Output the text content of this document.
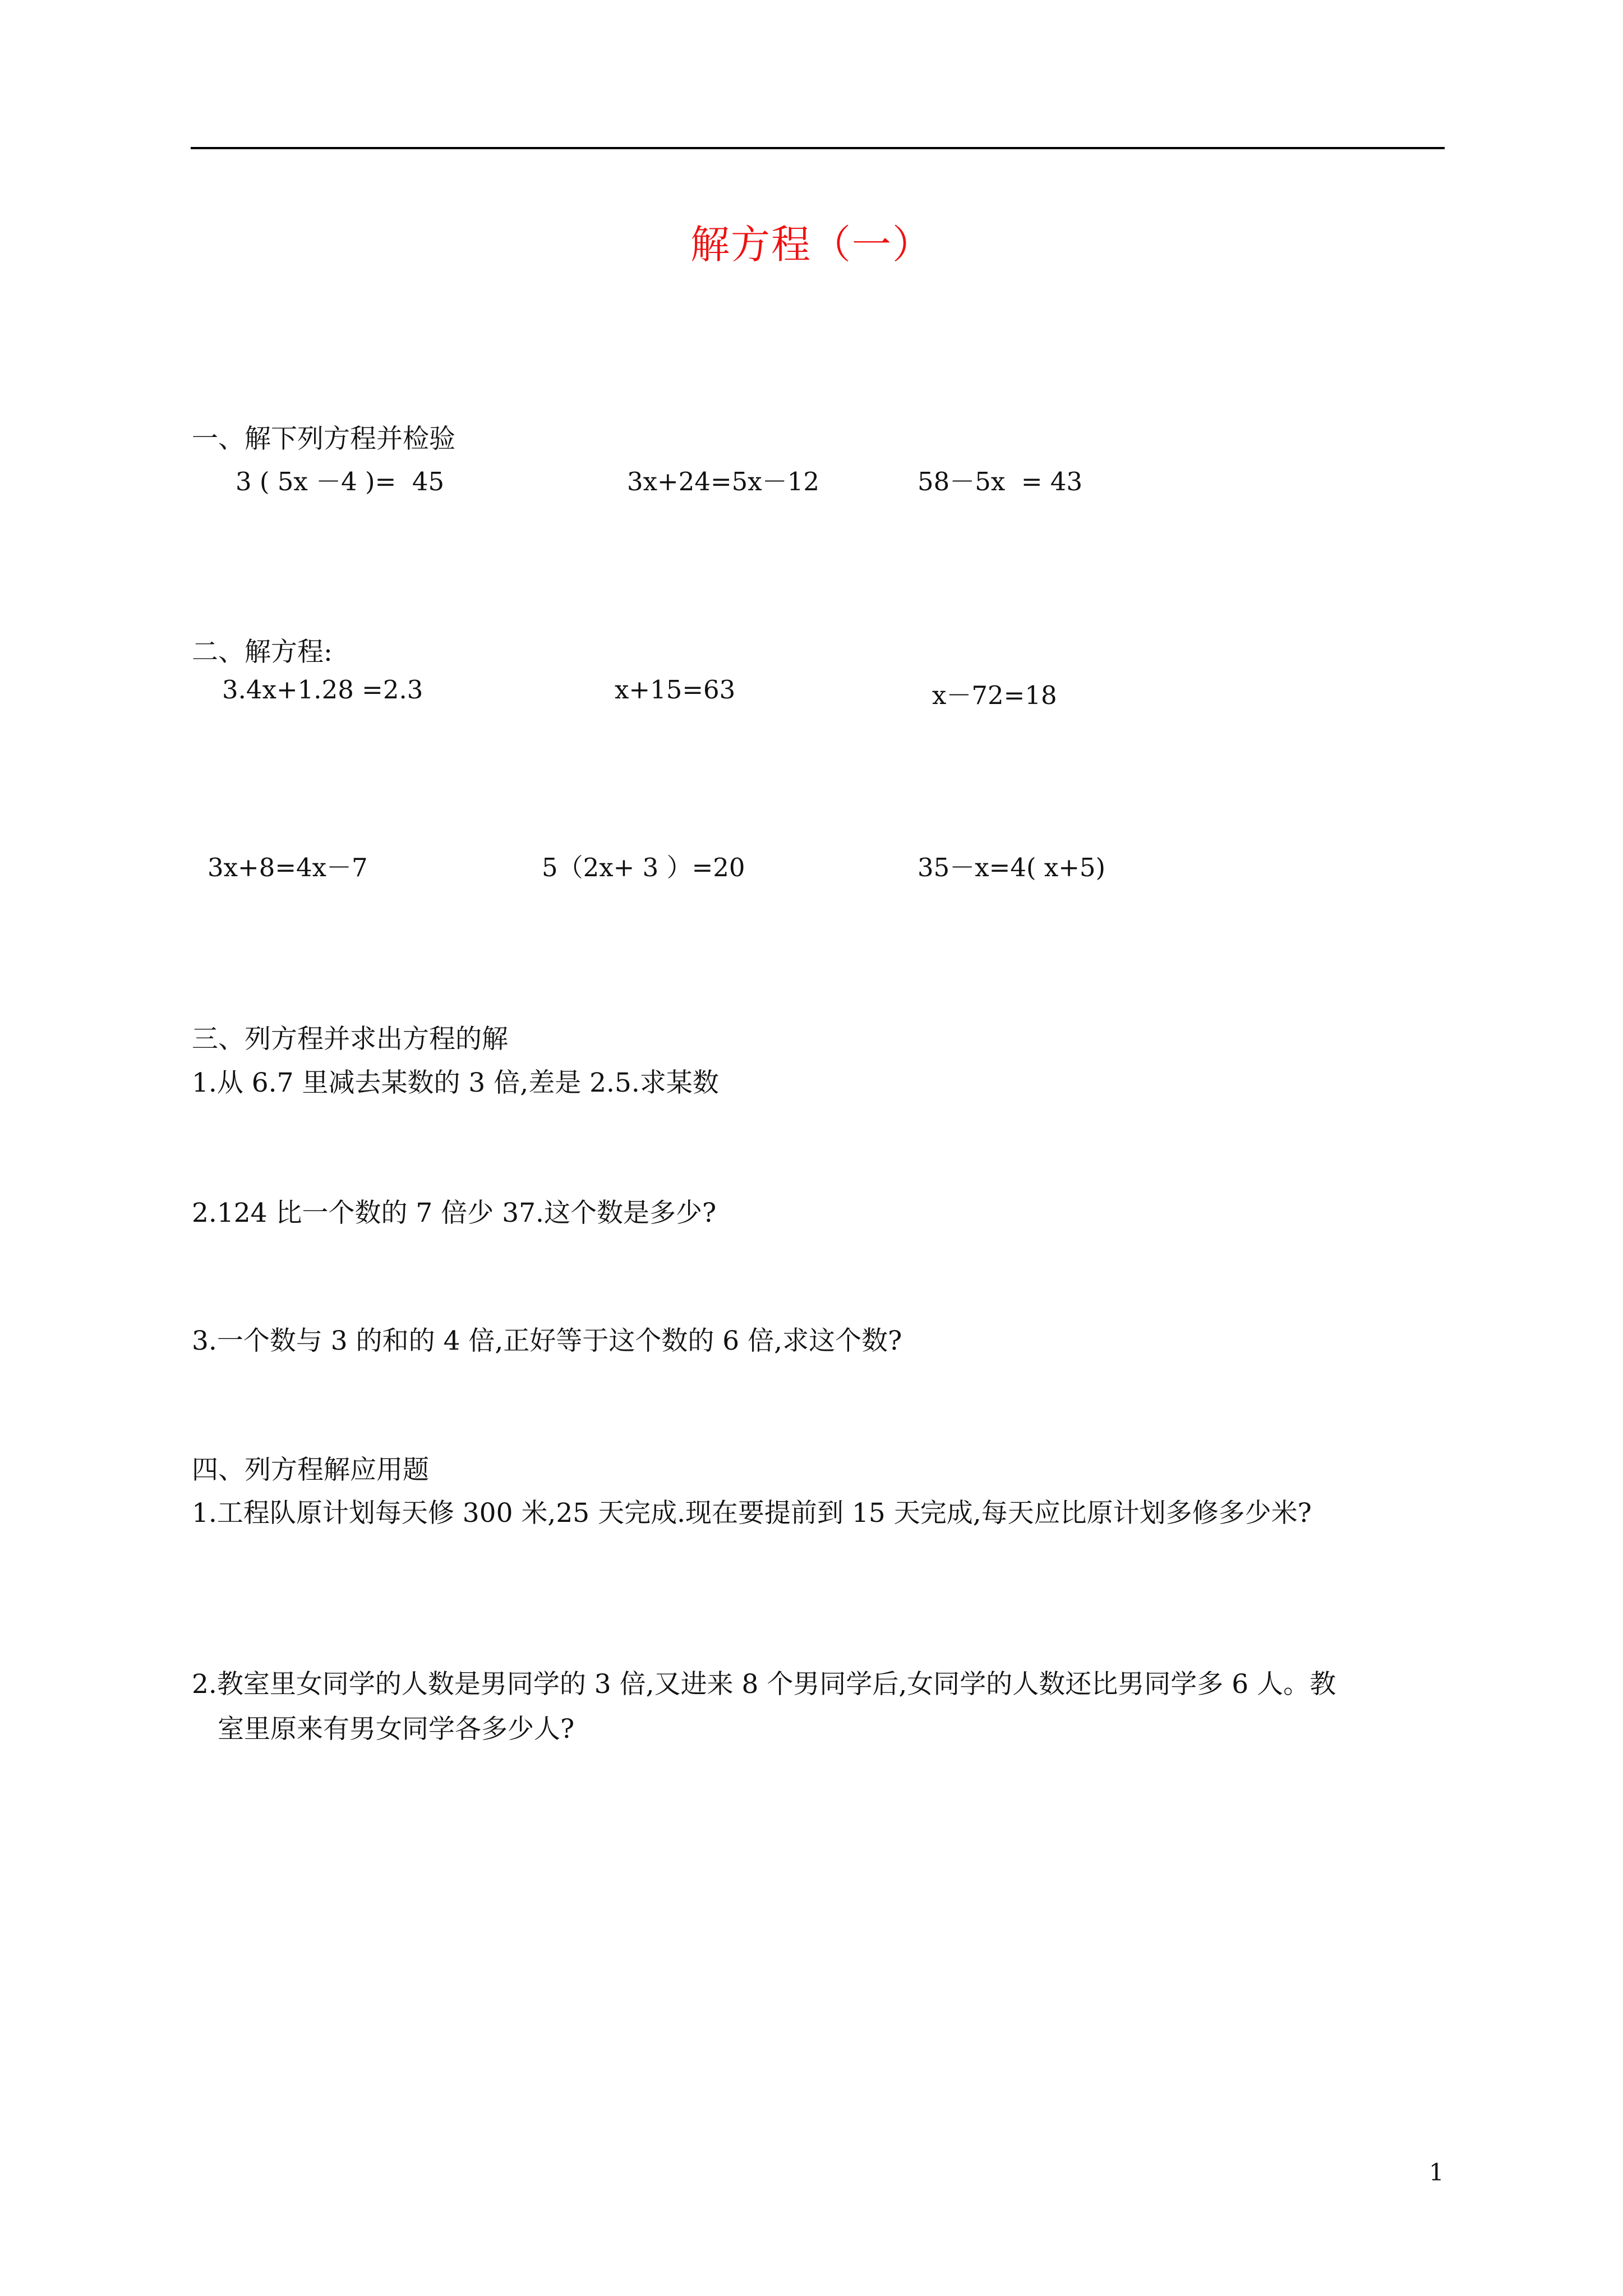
解方程（一）
一、解下列方程并检验
3 ( 5x －4 )=  45	3x+24=5x－12	58－5x  = 43
二、解方程:
3.4x+1.28 =2.3	x+15=63	x－72=18
3x+8=4x－7	5（2x+ 3 ）=20	35－x=4( x+5)
三、列方程并求出方程的解
1.从 6.7 里减去某数的 3 倍,差是 2.5.求某数
2.124 比一个数的 7 倍少 37.这个数是多少?
3.一个数与 3 的和的 4 倍,正好等于这个数的 6 倍,求这个数?
四、列方程解应用题
1.工程队原计划每天修 300 米,25 天完成.现在要提前到 15 天完成,每天应比原计划多修多少米?
2.教室里女同学的人数是男同学的 3 倍,又进来 8 个男同学后,女同学的人数还比男同学多 6 人。教
室里原来有男女同学各多少人?
1
